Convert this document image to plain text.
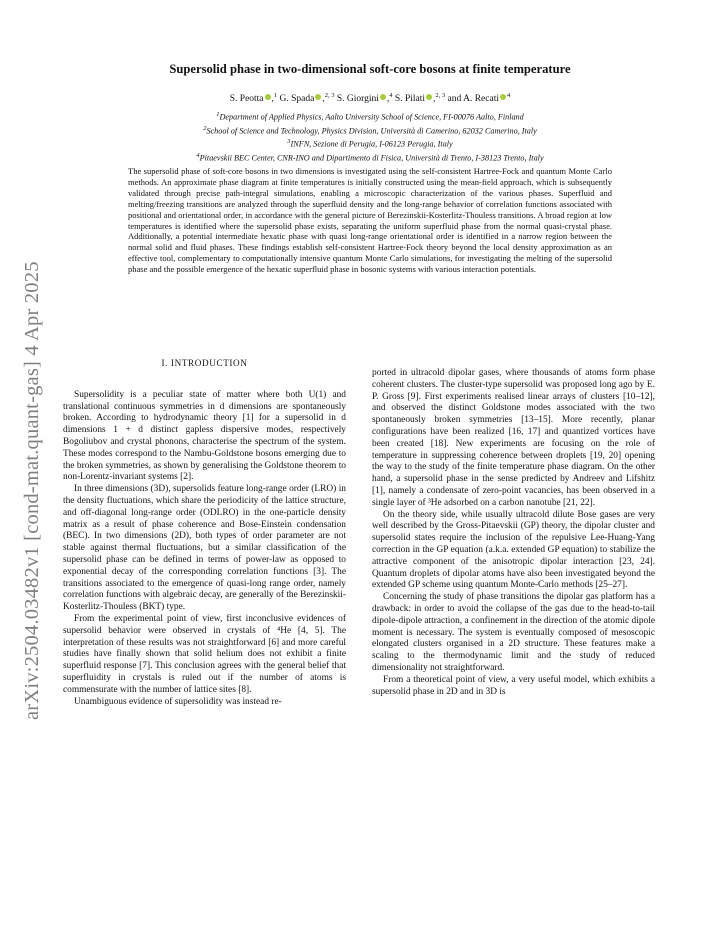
arXiv:2504.03482v1 [cond-mat.quant-gas] 4 Apr 2025
Supersolid phase in two-dimensional soft-core bosons at finite temperature
S. Peotta ,$^1$ G. Spada ,$^{2, 3}$ S. Giorgini ,$^4$ S. Pilati ,$^{2, 3}$ and A. Recati $^4$
$^1$Department of Applied Physics, Aalto University School of Science, FI-00076 Aalto, Finland
$^2$School of Science and Technology, Physics Division, Università di Camerino, 62032 Camerino, Italy
$^3$INFN, Sezione di Perugia, I-06123 Perugia, Italy
$^4$Pitaevskii BEC Center, CNR-INO and Dipartimento di Fisica, Università di Trento, I-38123 Trento, Italy
The supersolid phase of soft-core bosons in two dimensions is investigated using the self-consistent Hartree-Fock and quantum Monte Carlo methods. An approximate phase diagram at finite temperatures is initially constructed using the mean-field approach, which is subsequently validated through precise path-integral simulations, enabling a microscopic characterization of the various phases. Superfluid and melting/freezing transitions are analyzed through the superfluid density and the long-range behavior of correlation functions associated with positional and orientational order, in accordance with the general picture of Berezinskii-Kosterlitz-Thouless transitions. A broad region at low temperatures is identified where the supersolid phase exists, separating the uniform superfluid phase from the normal quasi-crystal phase. Additionally, a potential intermediate hexatic phase with quasi long-range orientational order is identified in a narrow region between the normal solid and fluid phases. These findings establish self-consistent Hartree-Fock theory beyond the local density approximation as an effective tool, complementary to computationally intensive quantum Monte Carlo simulations, for investigating the melting of the supersolid phase and the possible emergence of the hexatic superfluid phase in bosonic systems with various interaction potentials.
I. INTRODUCTION

Supersolidity is a peculiar state of matter where both U(1) and translational continuous symmetries in d dimensions are spontaneously broken. According to hydrodynamic theory [1] for a supersolid in d dimensions 1 + d distinct gapless dispersive modes, respectively Bogoliubov and crystal phonons, characterise the spectrum of the system. These modes correspond to the Nambu-Goldstone bosons emerging due to the broken symmetries, as shown by generalising the Goldstone theorem to non-Lorentz-invariant systems [2].

In three dimensions (3D), supersolids feature long-range order (LRO) in the density fluctuations, which share the periodicity of the lattice structure, and off-diagonal long-range order (ODLRO) in the one-particle density matrix as a result of phase coherence and Bose-Einstein condensation (BEC). In two dimensions (2D), both types of order parameter are not stable against thermal fluctuations, but a similar classification of the supersolid phase can be defined in terms of power-law as opposed to exponential decay of the corresponding correlation functions [3]. The transitions associated to the emergence of quasi-long range order, namely correlation functions with algebraic decay, are generally of the Berezinskii-Kosterlitz-Thouless (BKT) type.

From the experimental point of view, first inconclusive evidences of supersolid behavior were observed in crystals of ⁴He [4, 5]. The interpretation of these results was not straightforward [6] and more careful studies have finally shown that solid helium does not exhibit a finite superfluid response [7]. This conclusion agrees with the general belief that superfluidity in crystals is ruled out if the number of atoms is commensurate with the number of lattice sites [8].

Unambiguous evidence of supersolidity was instead re-

ported in ultracold dipolar gases, where thousands of atoms form phase coherent clusters. The cluster-type supersolid was proposed long ago by E. P. Gross [9]. First experiments realised linear arrays of clusters [10–12], and observed the distinct Goldstone modes associated with the two spontaneously broken symmetries [13–15]. More recently, planar configurations have been realized [16, 17] and quantized vortices have been created [18]. New experiments are focusing on the role of temperature in suppressing coherence between droplets [19, 20] opening the way to the study of the finite temperature phase diagram. On the other hand, a supersolid phase in the sense predicted by Andreev and Lifshitz [1], namely a condensate of zero-point vacancies, has been observed in a single layer of ³He adsorbed on a carbon nanotube [21, 22].

On the theory side, while usually ultracold dilute Bose gases are very well described by the Gross-Pitaevskii (GP) theory, the dipolar cluster and supersolid states require the inclusion of the repulsive Lee-Huang-Yang correction in the GP equation (a.k.a. extended GP equation) to stabilize the attractive component of the anisotropic dipolar interaction [23, 24]. Quantum droplets of dipolar atoms have also been investigated beyond the extended GP scheme using quantum Monte-Carlo methods [25–27].

Concerning the study of phase transitions the dipolar gas platform has a drawback: in order to avoid the collapse of the gas due to the head-to-tail dipole-dipole attraction, a confinement in the direction of the atomic dipole moment is necessary. The system is eventually composed of mesoscopic elongated clusters organised in a 2D structure. These features make a scaling to the thermodynamic limit and the study of reduced dimensionality not straightforward.

From a theoretical point of view, a very useful model, which exhibits a supersolid phase in 2D and in 3D is
